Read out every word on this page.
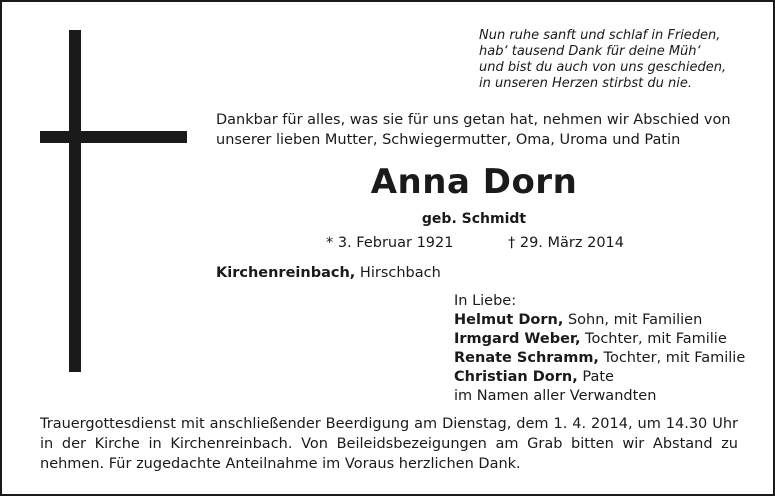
Nun ruhe sanft und schlaf in Frieden,
hab‘ tausend Dank für deine Müh‘
und bist du auch von uns geschieden,
in unseren Herzen stirbst du nie.
Dankbar für alles, was sie für uns getan hat, nehmen wir Abschied von
unserer lieben Mutter, Schwiegermutter, Oma, Uroma und Patin
Anna Dorn
geb. Schmidt
* 3. Februar 1921	† 29. März 2014
Kirchenreinbach, Hirschbach
In Liebe:
Helmut Dorn, Sohn, mit Familien
Irmgard Weber, Tochter, mit Familie
Renate Schramm, Tochter, mit Familie
Christian Dorn, Pate
im Namen aller Verwandten
Trauergottesdienst mit anschließender Beerdigung am Dienstag, dem 1. 4. 2014, um 14.30 Uhr
in der Kirche in Kirchenreinbach. Von Beileidsbezeigungen am Grab bitten wir Abstand zu
nehmen. Für zugedachte Anteilnahme im Voraus herzlichen Dank.
